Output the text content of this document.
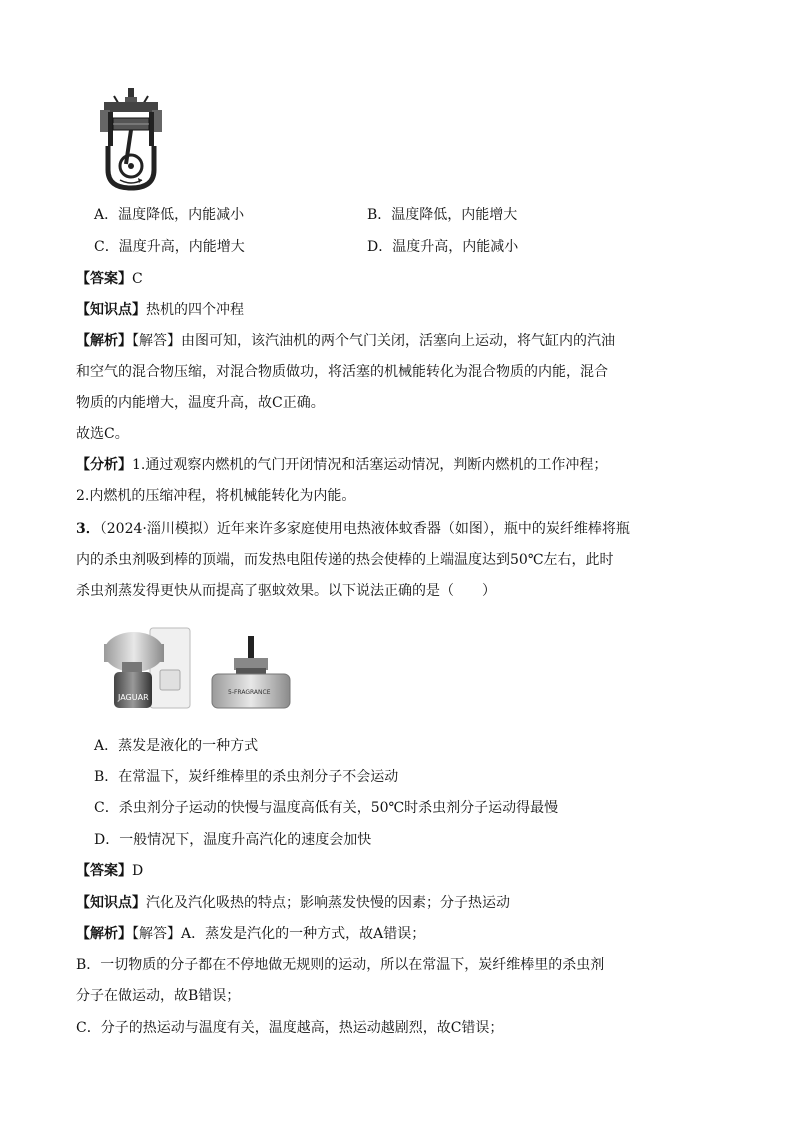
A．温度降低，内能减小	B．温度降低，内能增大
C．温度升高，内能增大	D．温度升高，内能减小
【答案】C
【知识点】热机的四个冲程
【解析】【解答】由图可知，该汽油机的两个气门关闭，活塞向上运动，将气缸内的汽油
和空气的混合物压缩，对混合物质做功，将活塞的机械能转化为混合物质的内能，混合
物质的内能增大，温度升高，故C正确。
故选C。
【分析】1.通过观察内燃机的气门开闭情况和活塞运动情况，判断内燃机的工作冲程；
2.内燃机的压缩冲程，将机械能转化为内能。
3．（2024·淄川模拟）近年来许多家庭使用电热液体蚊香器（如图），瓶中的炭纤维棒将瓶
内的杀虫剂吸到棒的顶端，而发热电阻传递的热会使棒的上端温度达到50℃左右，此时
杀虫剂蒸发得更快从而提高了驱蚊效果。以下说法正确的是（　　）
JAGUAR
5-FRAGRANCE
A．蒸发是液化的一种方式
B．在常温下，炭纤维棒里的杀虫剂分子不会运动
C．杀虫剂分子运动的快慢与温度高低有关，50℃时杀虫剂分子运动得最慢
D．一般情况下，温度升高汽化的速度会加快
【答案】D
【知识点】汽化及汽化吸热的特点；影响蒸发快慢的因素；分子热运动
【解析】【解答】A．蒸发是汽化的一种方式，故A错误；
B．一切物质的分子都在不停地做无规则的运动，所以在常温下，炭纤维棒里的杀虫剂
分子在做运动，故B错误；
C．分子的热运动与温度有关，温度越高，热运动越剧烈，故C错误；
